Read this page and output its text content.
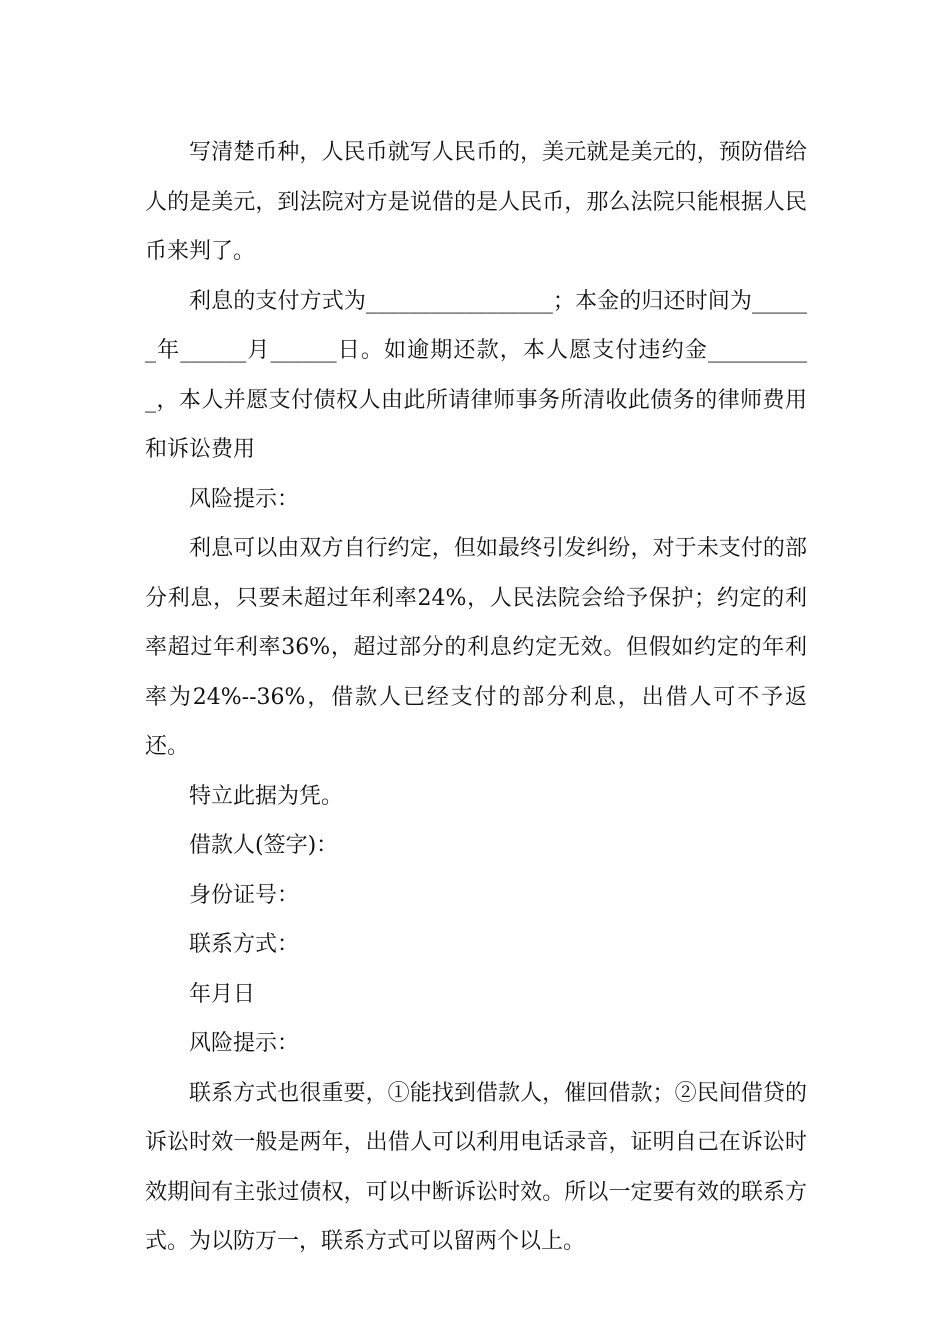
写清楚币种，人民币就写人民币的，美元就是美元的，预防借给人的是美元，到法院对方是说借的是人民币，那么法院只能根据人民币来判了。

利息的支付方式为_________________；本金的归还时间为______年______月______日。如逾期还款，本人愿支付违约金__________，本人并愿支付债权人由此所请律师事务所清收此债务的律师费用和诉讼费用

风险提示：

利息可以由双方自行约定，但如最终引发纠纷，对于未支付的部分利息，只要未超过年利率24%，人民法院会给予保护；约定的利率超过年利率36%，超过部分的利息约定无效。但假如约定的年利率为24%--36%，借款人已经支付的部分利息，出借人可不予返还。

特立此据为凭。

借款人(签字)：

身份证号：

联系方式：

年月日

风险提示：

联系方式也很重要，①能找到借款人，催回借款；②民间借贷的诉讼时效一般是两年，出借人可以利用电话录音，证明自己在诉讼时效期间有主张过债权，可以中断诉讼时效。所以一定要有效的联系方式。为以防万一，联系方式可以留两个以上。
